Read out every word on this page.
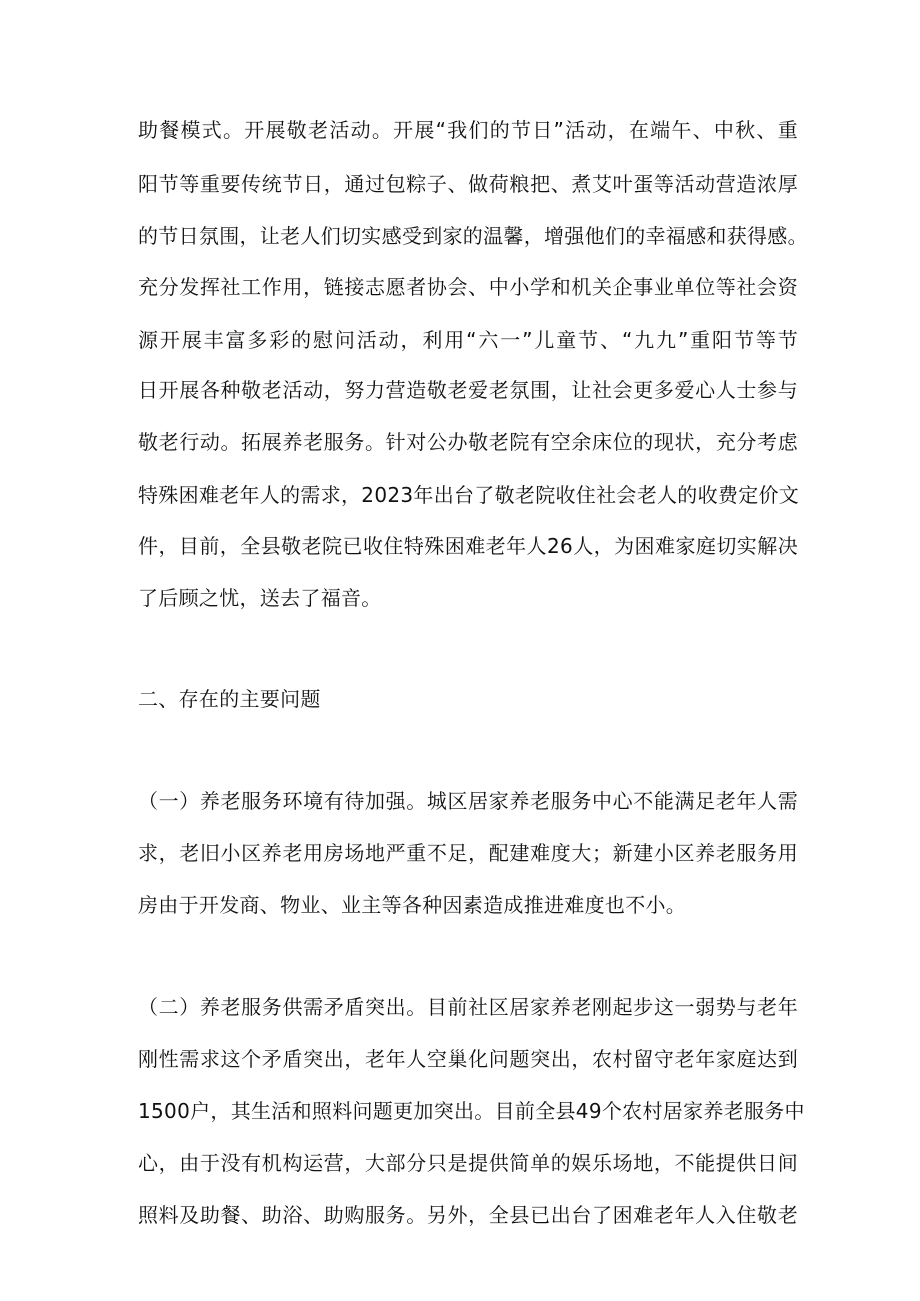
助餐模式。开展敬老活动。开展“我们的节日”活动，在端午、中秋、重
阳节等重要传统节日，通过包粽子、做荷粮把、煮艾叶蛋等活动营造浓厚
的节日氛围，让老人们切实感受到家的温馨，增强他们的幸福感和获得感。
充分发挥社工作用，链接志愿者协会、中小学和机关企事业单位等社会资
源开展丰富多彩的慰问活动，利用“六一”儿童节、“九九”重阳节等节
日开展各种敬老活动，努力营造敬老爱老氛围，让社会更多爱心人士参与
敬老行动。拓展养老服务。针对公办敬老院有空余床位的现状，充分考虑
特殊困难老年人的需求，2023年出台了敬老院收住社会老人的收费定价文
件，目前，全县敬老院已收住特殊困难老年人26人，为困难家庭切实解决
了后顾之忧，送去了福音。
二、存在的主要问题
（一）养老服务环境有待加强。城区居家养老服务中心不能满足老年人需
求，老旧小区养老用房场地严重不足，配建难度大；新建小区养老服务用
房由于开发商、物业、业主等各种因素造成推进难度也不小。
（二）养老服务供需矛盾突出。目前社区居家养老刚起步这一弱势与老年
刚性需求这个矛盾突出，老年人空巢化问题突出，农村留守老年家庭达到
1500户，其生活和照料问题更加突出。目前全县49个农村居家养老服务中
心，由于没有机构运营，大部分只是提供简单的娱乐场地，不能提供日间
照料及助餐、助浴、助购服务。另外，全县已出台了困难老年人入住敬老
